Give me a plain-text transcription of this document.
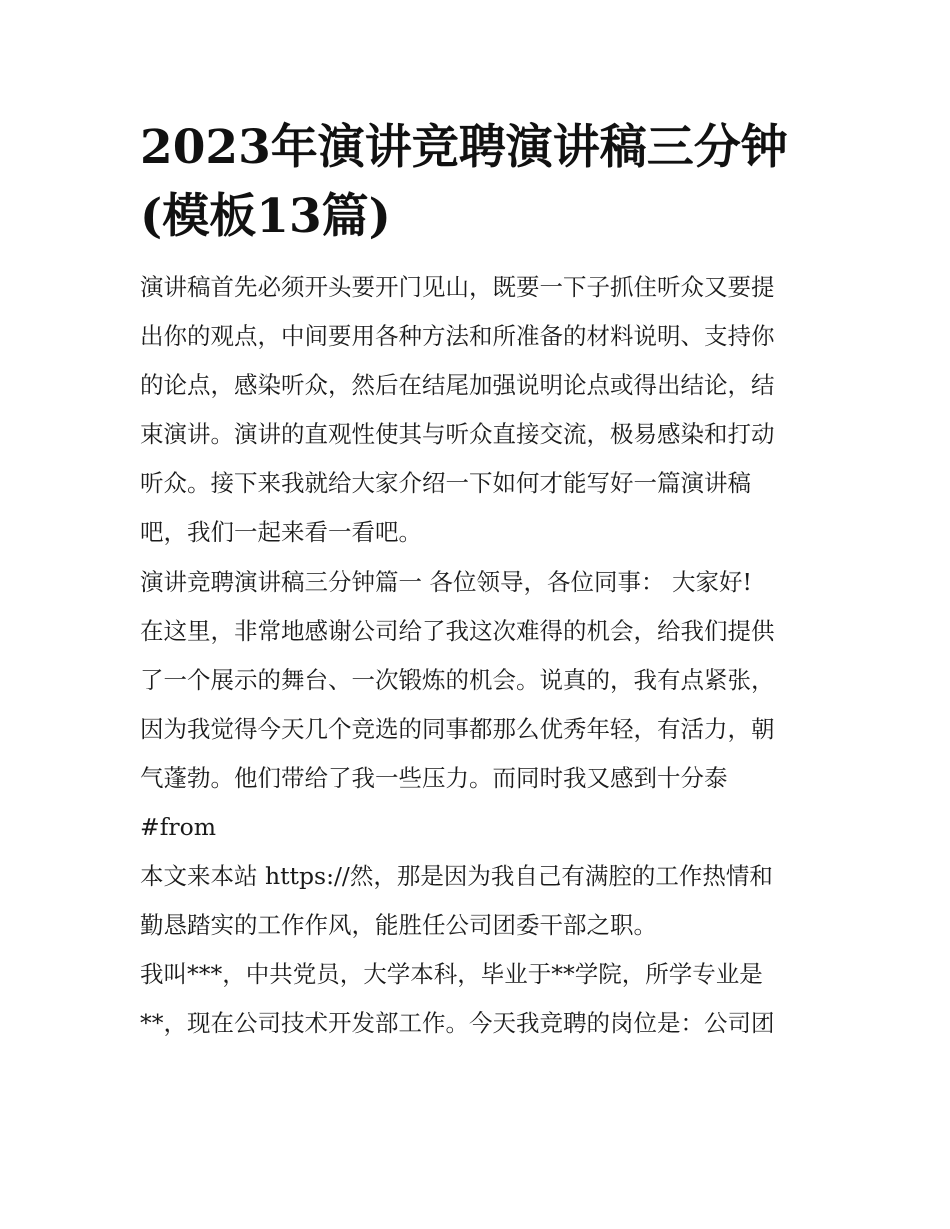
2023年演讲竞聘演讲稿三分钟
(模板13篇)
演讲稿首先必须开头要开门见山，既要一下子抓住听众又要提
出你的观点，中间要用各种方法和所准备的材料说明、支持你
的论点，感染听众，然后在结尾加强说明论点或得出结论，结
束演讲。演讲的直观性使其与听众直接交流，极易感染和打动
听众。接下来我就给大家介绍一下如何才能写好一篇演讲稿
吧，我们一起来看一看吧。
演讲竞聘演讲稿三分钟篇一 各位领导，各位同事： 大家好!
在这里，非常地感谢公司给了我这次难得的机会，给我们提供
了一个展示的舞台、一次锻炼的机会。说真的，我有点紧张，
因为我觉得今天几个竞选的同事都那么优秀年轻，有活力，朝
气蓬勃。他们带给了我一些压力。而同时我又感到十分泰
#from
本文来本站 https://然，那是因为我自己有满腔的工作热情和
勤恳踏实的工作作风，能胜任公司团委干部之职。
我叫***，中共党员，大学本科，毕业于**学院，所学专业是
**，现在公司技术开发部工作。今天我竞聘的岗位是：公司团
